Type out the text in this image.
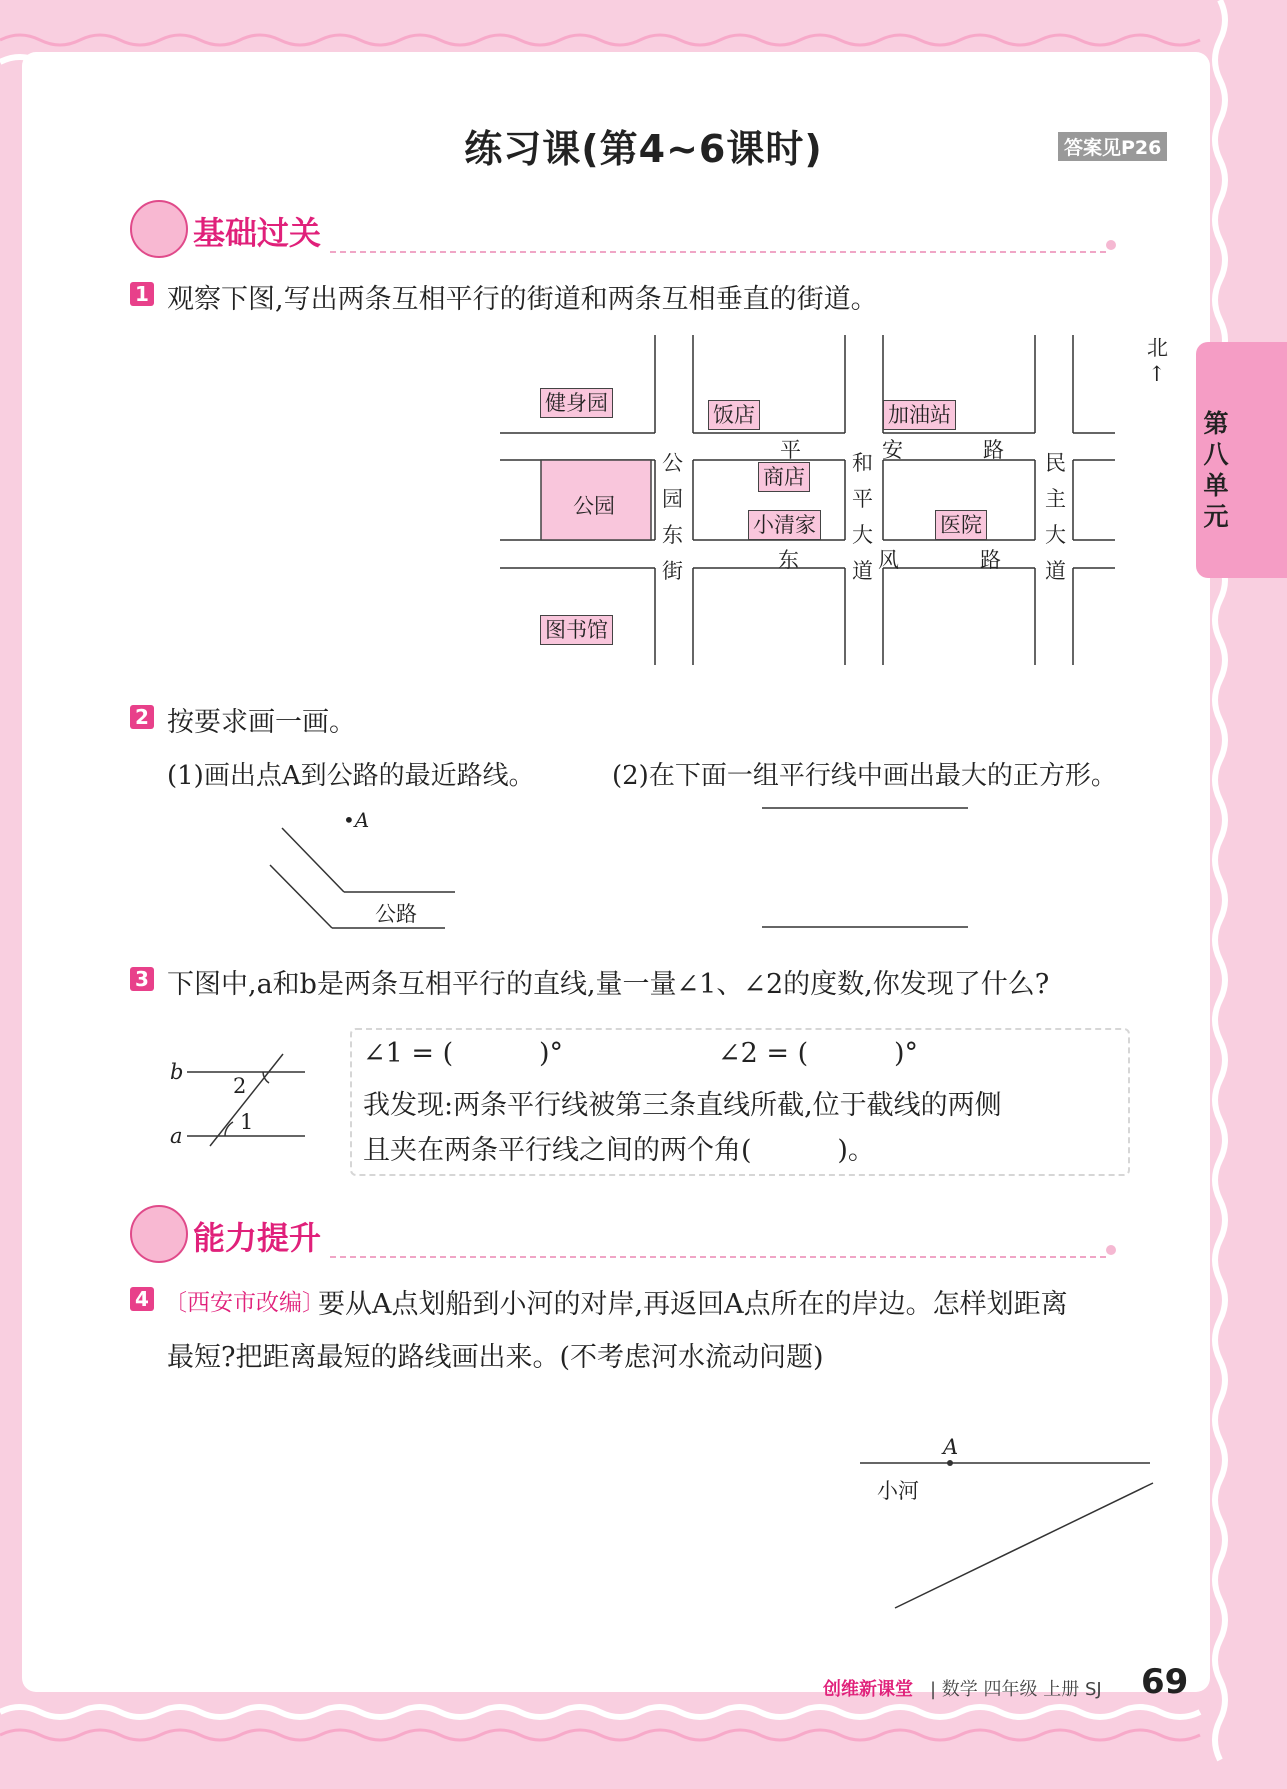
练习课(第4~6课时)	答案见P26
第八单元
基础过关
1 观察下图,写出两条互相平行的街道和两条互相垂直的街道。
健身园	饭店	加油站
公园
商店
小清家	医院
图书馆
公
园
东
街
和
平
大
道
民
主
大
道
平	安	路
东	风	路
北
↑
2 按要求画一画。
(1)画出点A到公路的最近路线。	(2)在下面一组平行线中画出最大的正方形。
•A
公路
3 下图中,a和b是两条互相平行的直线,量一量∠1、∠2的度数,你发现了什么?
b
a
2
1
∠1 = (          )°	∠2 = (          )°
我发现:两条平行线被第三条直线所截,位于截线的两侧
且夹在两条平行线之间的两个角(          )。
能力提升
4 〔西安市改编〕
要从A点划船到小河的对岸,再返回A点所在的岸边。怎样划距离
最短?把距离最短的路线画出来。(不考虑河水流动问题)
A
小河
创维新课堂 | 数学 四年级 上册 SJ 69
